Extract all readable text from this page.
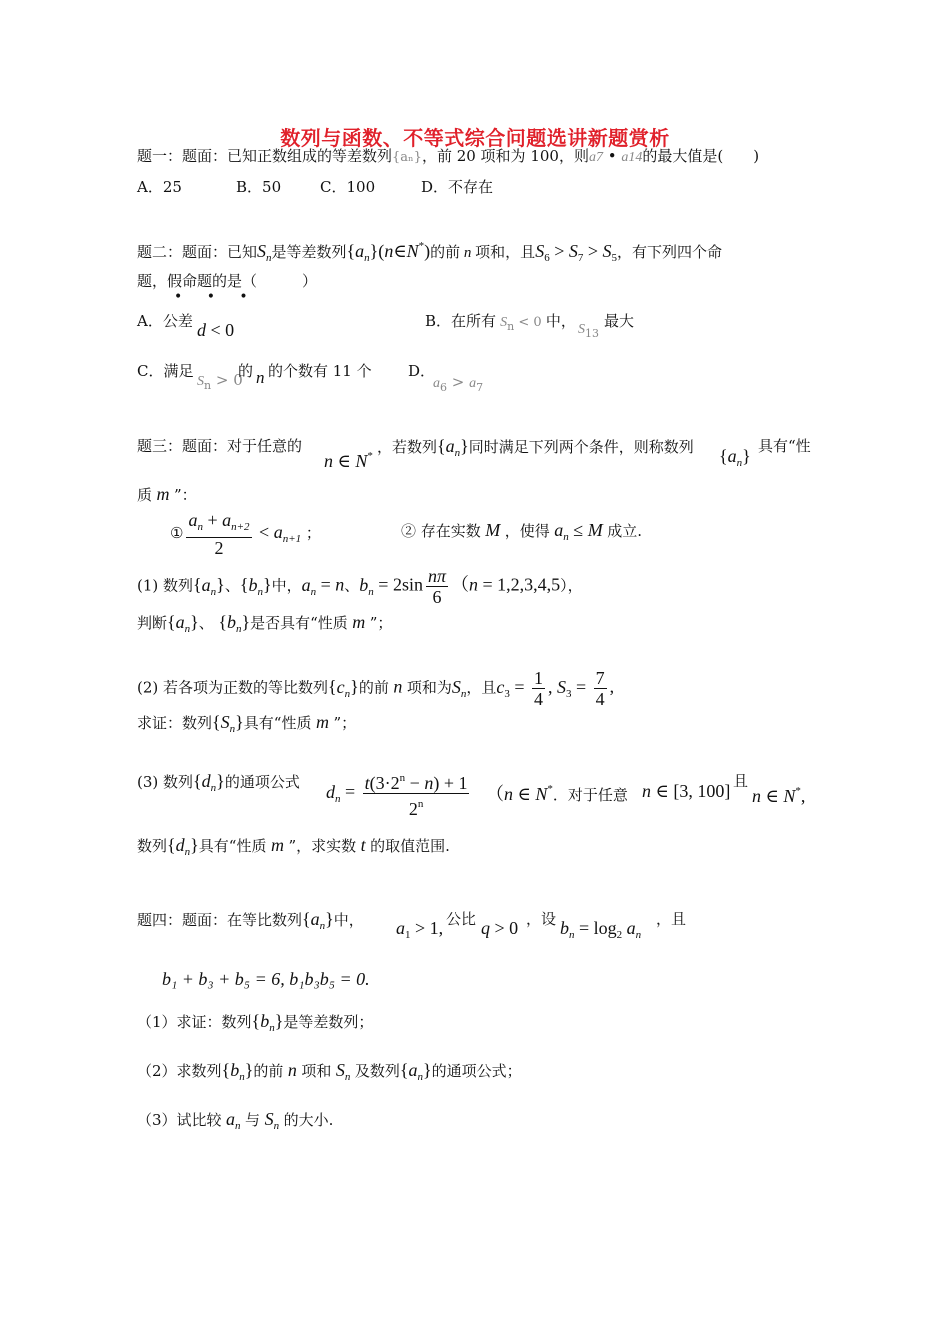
数列与函数、不等式综合问题选讲新题赏析
题一：题面：已知正数组成的等差数列{aₙ}，前 20 项和为 100，则a7 • a14的最大值是(　　)
A．25	B．50	C．100	D．不存在
题二：题面：已知$S_n$是等差数列$\{a_n\}(n\in N^*)$的前 n 项和，且$S_6 > S_7 > S_5$，有下列四个命
题，假命题的是（　　　）
• • •
A．公差 d < 0	B．在所有 $S_n < 0$ 中， $S_{13}$
最大
C．满足
$S_n > 0$
的 n 的个数有 11 个 D．
$a_6 > a_7$
题三：题面：对于任意的
n ∈ N* ，若数列$\{a_n\}$同时满足下列两个条件，则称数列 $\{a_n\}$ 具有“性
质 m ”：
① $\frac{a_n + a_{n+2}}{2} < a_{n+1}$ ；	② 存在实数 M ，使得 $a_n \le M$ 成立.
(1) 数列$\{a_n\}$、$\{b_n\}$中，$a_n = n$、$b_n = 2\sin \frac{n\pi}{6} (n = 1,2,3,4,5)$，
判断$\{a_n\}$、 $\{b_n\}$是否具有“性质 m ”；
(2) 若各项为正数的等比数列$\{c_n\}$的前 n 项和为$S_n$，且$c_3 = \frac{1}{4}$ , $S_3 = \frac{7}{4}$ ,
求证：数列$\{S_n\}$具有“性质 m ”；
(3) 数列$\{d_n\}$的通项公式 $d_n = \frac{t(3\cdot 2^n - n) + 1}{2^n} (n$ ∈ N*．对于任意 n ∈ [3, 100] 且
n ∈ N*,
数列$\{d_n\}$具有“性质 m ”，求实数 t 的取值范围.
题四：题面：在等比数列$\{a_n\}$中， $a_1 > 1$, 公比 q > 0 ，设 $b_n = \log_2 a_n$
，且
b₁ + b₃ + b₅ = 6, b₁b₃b₅ = 0.
（1）求证：数列$\{b_n\}$是等差数列；
（2）求数列$\{b_n\}$的前 n 项和 $S_n$ 及数列$\{a_n\}$的通项公式；
（3）试比较 $a_n$ 与 $S_n$ 的大小.
